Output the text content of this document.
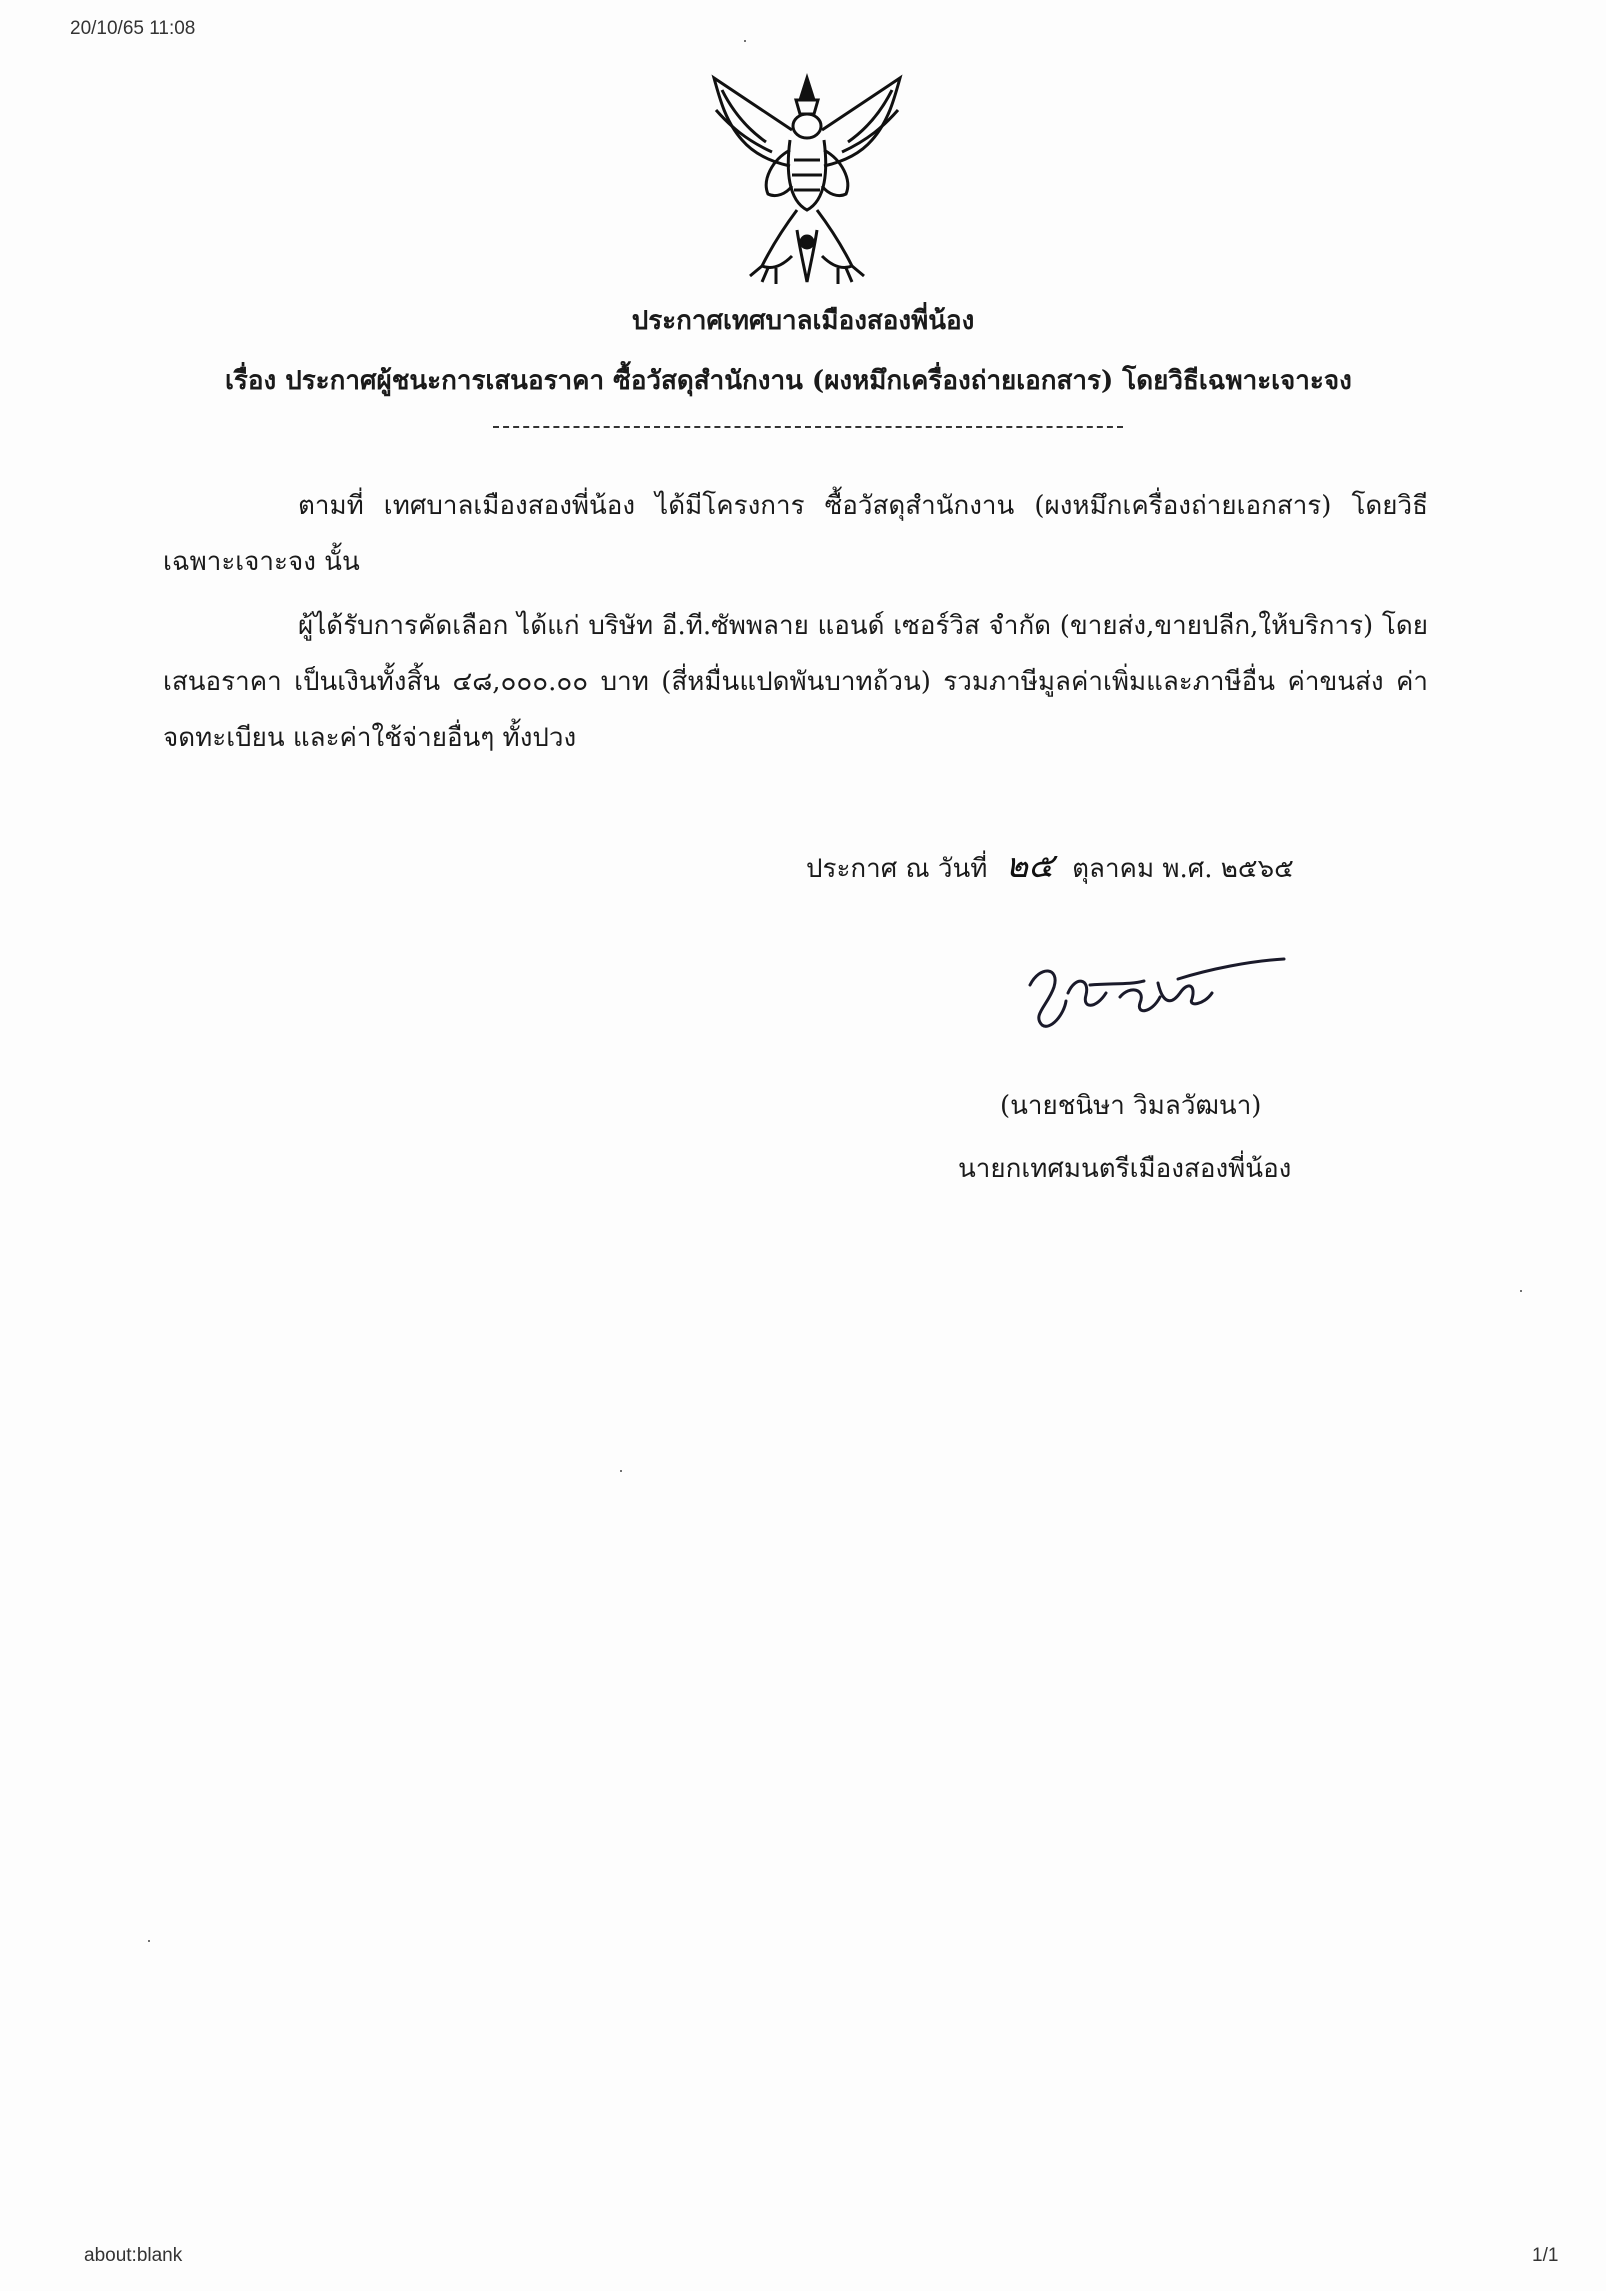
20/10/65 11:08
ประกาศเทศบาลเมืองสองพี่น้อง
เรื่อง ประกาศผู้ชนะการเสนอราคา ซื้อวัสดุสำนักงาน (ผงหมึกเครื่องถ่ายเอกสาร) โดยวิธีเฉพาะเจาะจง
ตามที่ เทศบาลเมืองสองพี่น้อง ได้มีโครงการ ซื้อวัสดุสำนักงาน (ผงหมึกเครื่องถ่ายเอกสาร) โดยวิธีเฉพาะเจาะจง นั้น
ผู้ได้รับการคัดเลือก ได้แก่ บริษัท อี.ที.ซัพพลาย แอนด์ เซอร์วิส จำกัด (ขายส่ง,ขายปลีก,ให้บริการ) โดยเสนอราคา เป็นเงินทั้งสิ้น ๔๘,๐๐๐.๐๐ บาท (สี่หมื่นแปดพันบาทถ้วน) รวมภาษีมูลค่าเพิ่มและภาษีอื่น ค่าขนส่ง ค่าจดทะเบียน และค่าใช้จ่ายอื่นๆ ทั้งปวง
ประกาศ ณ วันที่ ๒๕ ตุลาคม พ.ศ. ๒๕๖๕
(นายชนิษา วิมลวัฒนา)
นายกเทศมนตรีเมืองสองพี่น้อง
about:blank	1/1
